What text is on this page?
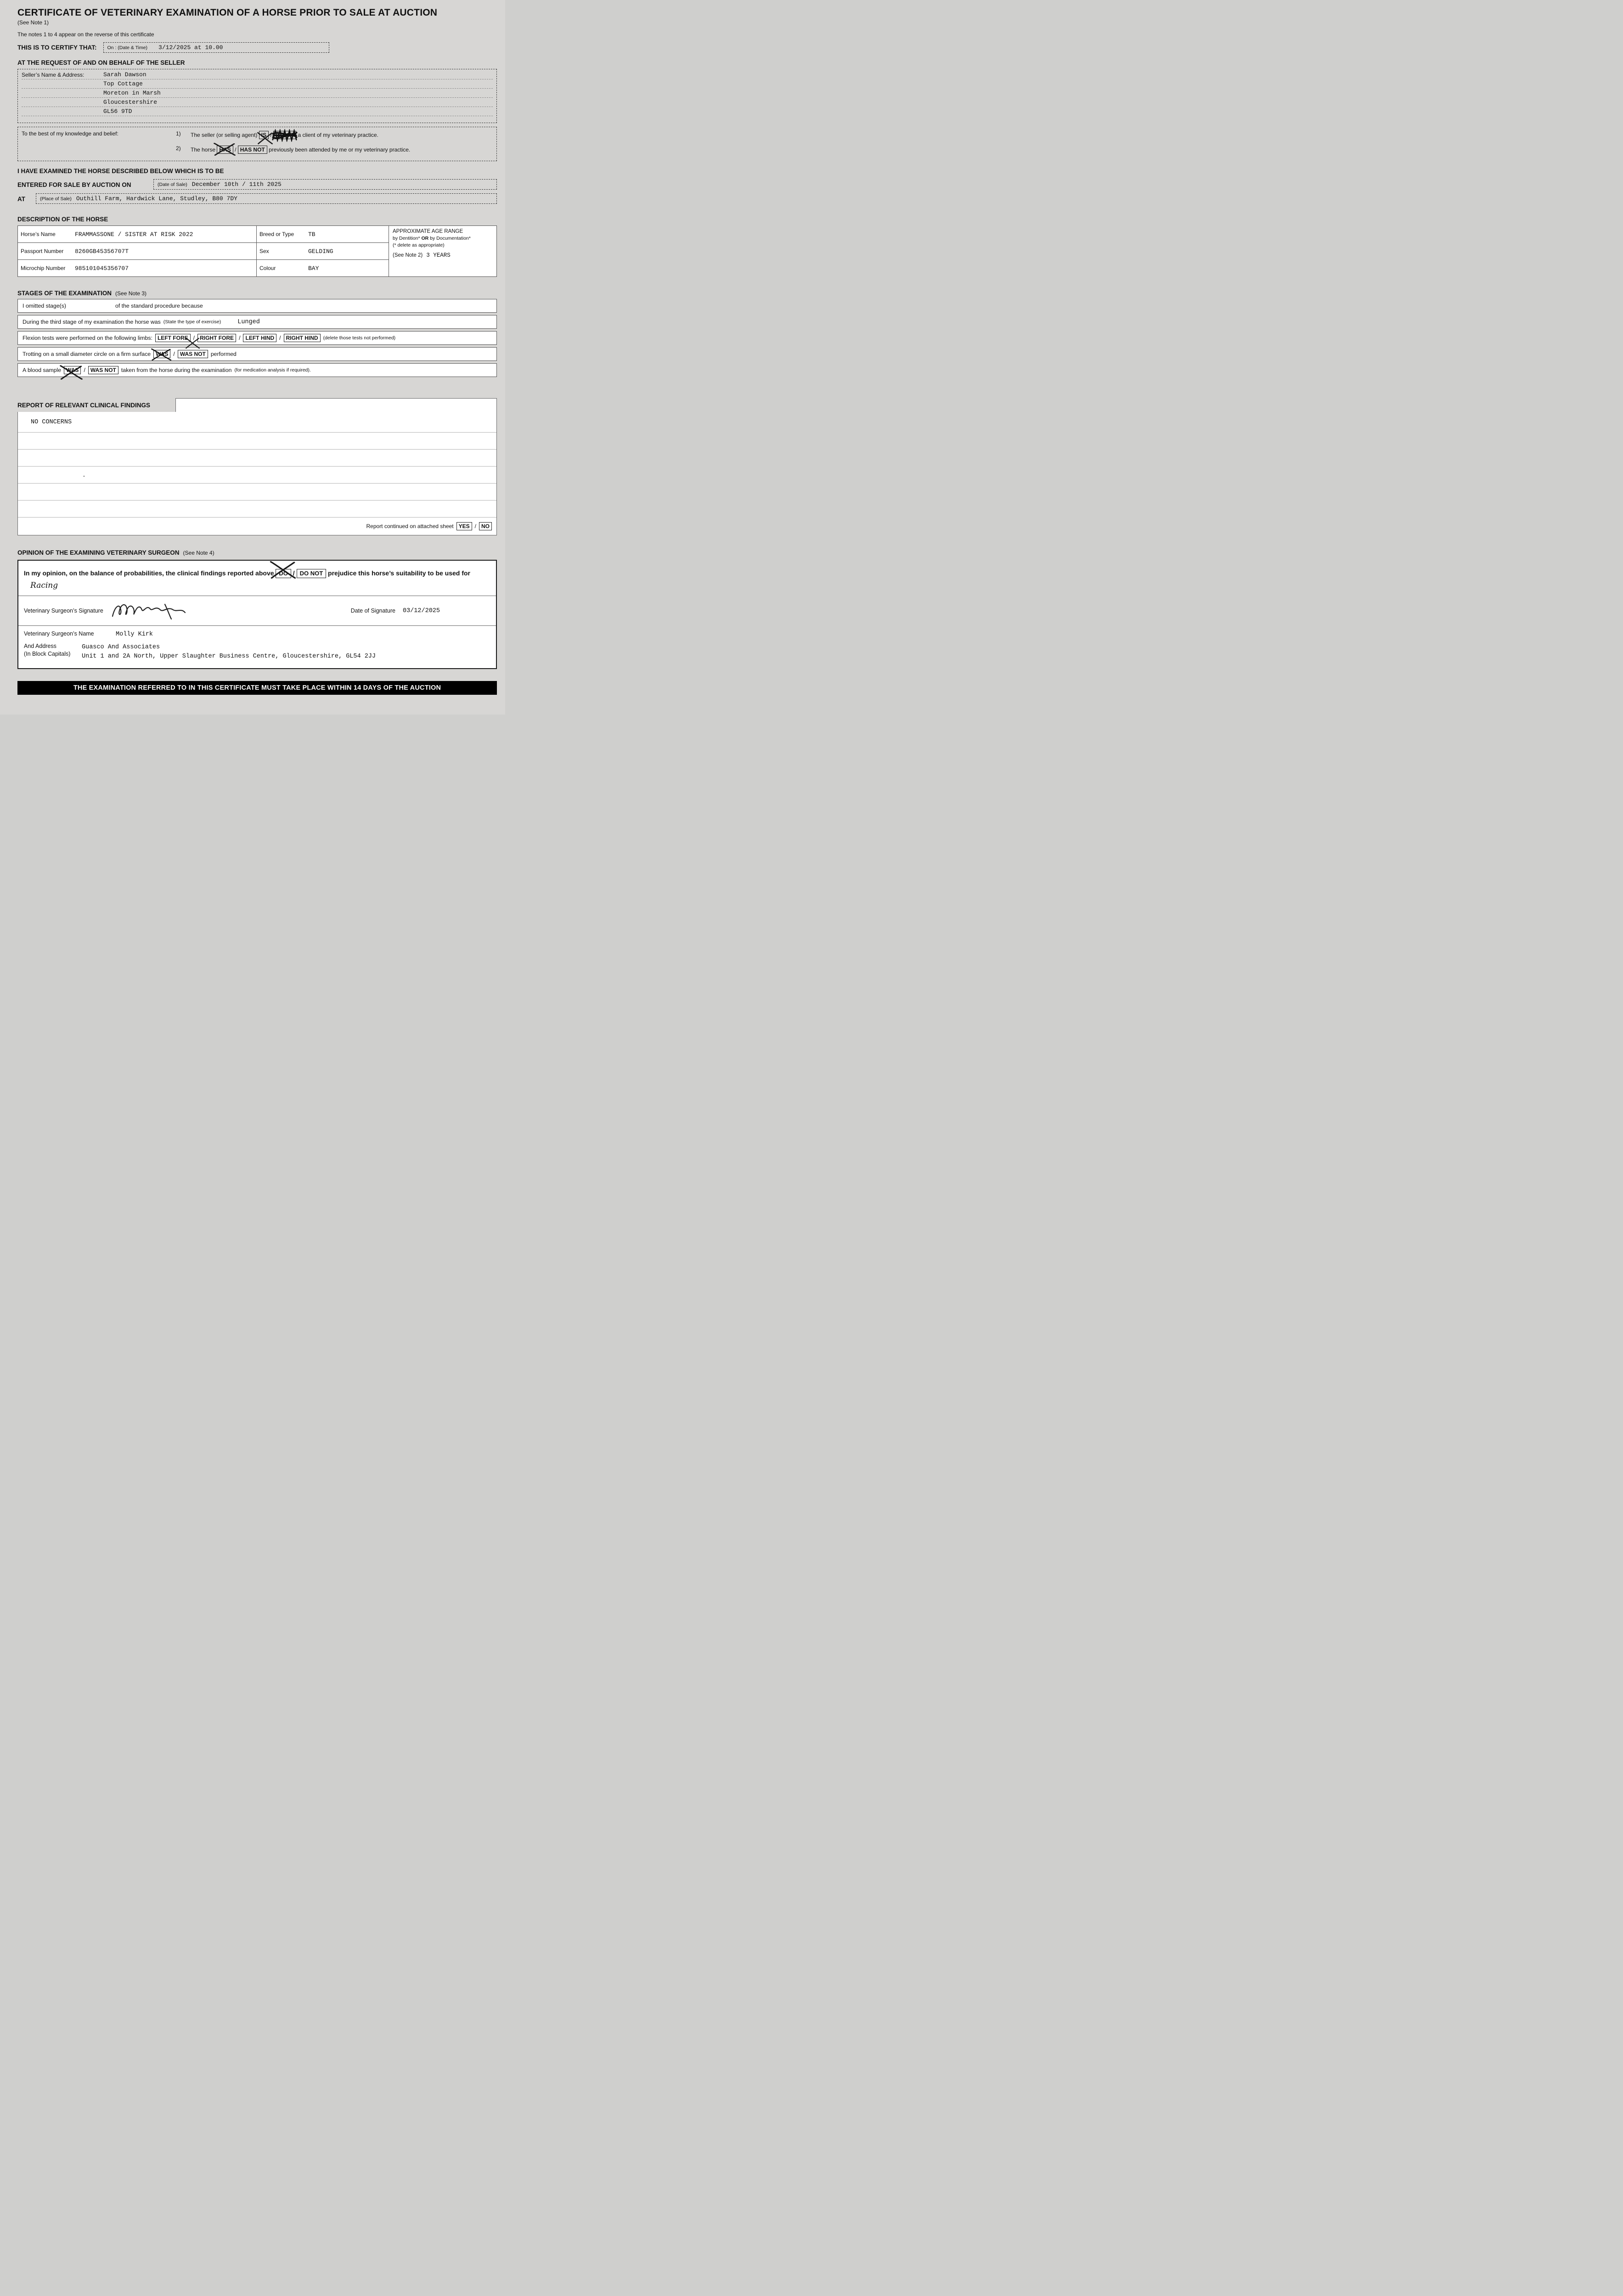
CERTIFICATE OF VETERINARY EXAMINATION OF A HORSE PRIOR TO SALE AT AUCTION
(See Note 1)
The notes 1 to 4 appear on the reverse of this certificate
THIS IS TO CERTIFY THAT: On : (Date & Time) 3/12/2025 at 10.00
AT THE REQUEST OF AND ON BEHALF OF THE SELLER
Seller’s Name & Address:	Sarah Dawson
Top Cottage
Moreton in Marsh
Gloucestershire
GL56 9TD
To the best of my knowledge and belief:	1)	The seller (or selling agent) IS / IS NOT a client of my veterinary practice.
2)	The horse HAS / HAS NOT previously been attended by me or my veterinary practice.
I HAVE EXAMINED THE HORSE DESCRIBED BELOW WHICH IS TO BE
ENTERED FOR SALE BY AUCTION ON	(Date of Sale) December 10th / 11th 2025
AT	(Place of Sale) Outhill Farm, Hardwick Lane, Studley, B80 7DY
DESCRIPTION OF THE HORSE
Horse’s Name	FRAMMASSONE / SISTER AT RISK 2022	Breed or Type	TB	APPROXIMATE AGE RANGE
by Dentition* OR by Documentation*
(* delete as appropriate)
(See Note 2) 3 YEARS
Passport Number	8260GB45356707T	Sex	GELDING
Microchip Number	985101045356707	Colour	BAY
STAGES OF THE EXAMINATION (See Note 3)
I omitted stage(s)	of the standard procedure because
During the third stage of my examination the horse was (State the type of exercise)	Lunged
Flexion tests were performed on the following limbs: LEFT FORE / RIGHT FORE / LEFT HIND / RIGHT HIND	(delete those tests not performed)
Trotting on a small diameter circle on a firm surface WAS / WAS NOT performed
A blood sample WAS / WAS NOT taken from the horse during the examination (for medication analysis if required).
REPORT OF RELEVANT CLINICAL FINDINGS
NO CONCERNS
.
Report continued on attached sheet YES / NO
OPINION OF THE EXAMINING VETERINARY SURGEON (See Note 4)
In my opinion, on the balance of probabilities, the clinical findings reported above DO / DO NOT prejudice this horse’s suitability to be used for Racing
Veterinary Surgeon’s Signature	Date of Signature 03/12/2025
Veterinary Surgeon’s Name	Molly Kirk
And Address
(In Block Capitals)
Guasco And Associates
Unit 1 and 2A North, Upper Slaughter Business Centre, Gloucestershire, GL54 2JJ
THE EXAMINATION REFERRED TO IN THIS CERTIFICATE MUST TAKE PLACE WITHIN 14 DAYS OF THE AUCTION
